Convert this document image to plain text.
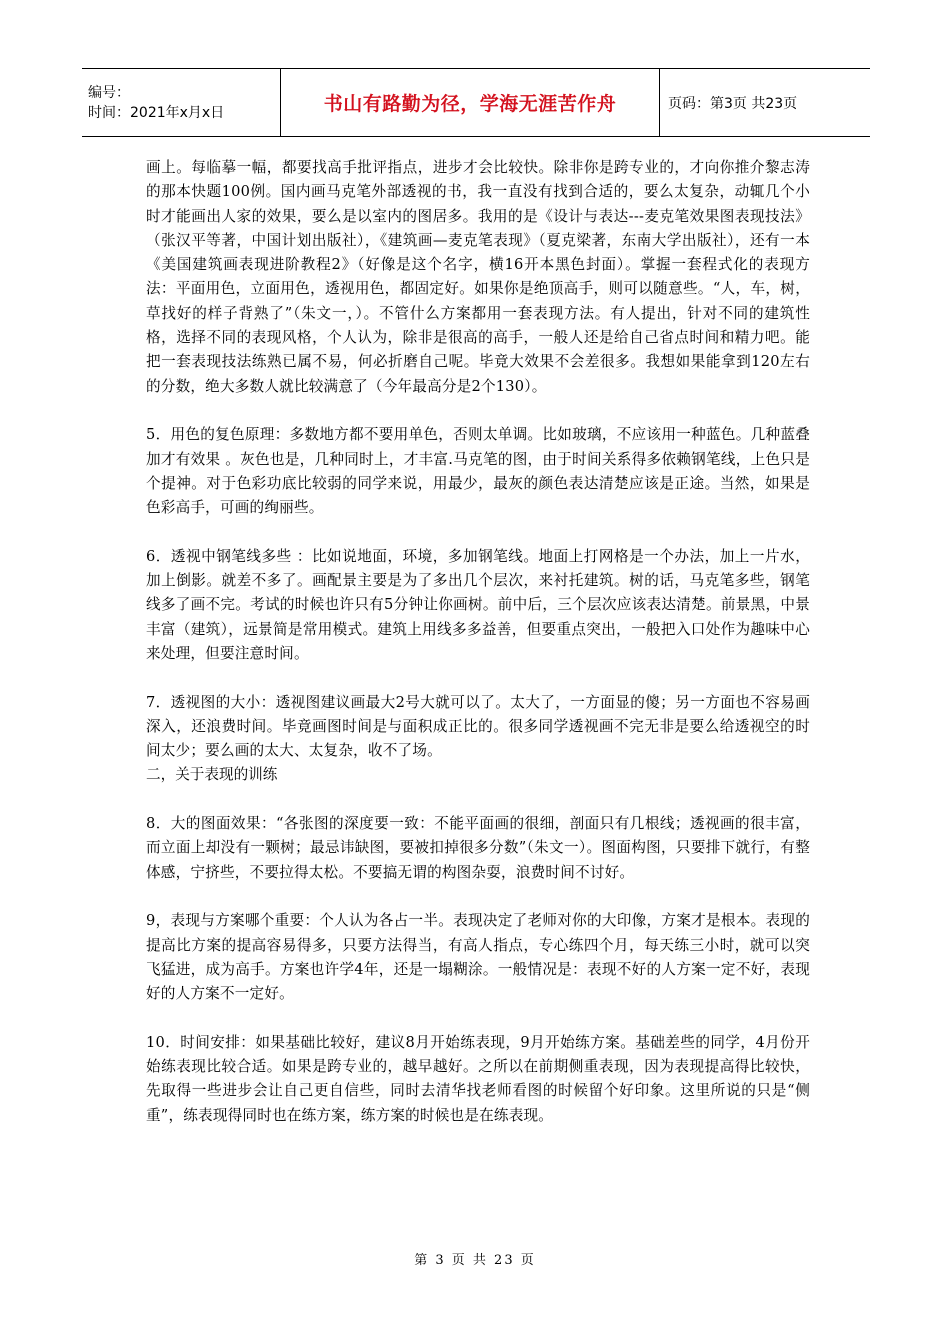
编号：
时间：2021年x月x日	书山有路勤为径，学海无涯苦作舟	页码：第3页 共23页

画上。每临摹一幅，都要找高手批评指点，进步才会比较快。除非你是跨专业的，才向你推介黎志涛的那本快题100例。国内画马克笔外部透视的书，我一直没有找到合适的，要么太复杂，动辄几个小时才能画出人家的效果，要么是以室内的图居多。我用的是《设计与表达---麦克笔效果图表现技法》（张汉平等著，中国计划出版社），《建筑画—麦克笔表现》（夏克梁著，东南大学出版社），还有一本《美国建筑画表现进阶教程2》（好像是这个名字，横16开本黑色封面）。掌握一套程式化的表现方法：平面用色，立面用色，透视用色，都固定好。如果你是绝顶高手，则可以随意些。“人，车，树，草找好的样子背熟了”（朱文一，）。不管什么方案都用一套表现方法。有人提出，针对不同的建筑性格，选择不同的表现风格，个人认为，除非是很高的高手，一般人还是给自己省点时间和精力吧。能把一套表现技法练熟已属不易，何必折磨自己呢。毕竟大效果不会差很多。我想如果能拿到120左右的分数，绝大多数人就比较满意了（今年最高分是2个130）。

5．用色的复色原理：多数地方都不要用单色，否则太单调。比如玻璃，不应该用一种蓝色。几种蓝叠加才有效果 。灰色也是，几种同时上，才丰富.马克笔的图，由于时间关系得多依赖钢笔线，上色只是个提神。对于色彩功底比较弱的同学来说，用最少，最灰的颜色表达清楚应该是正途。当然，如果是色彩高手，可画的绚丽些。

6．透视中钢笔线多些 ：比如说地面，环境，多加钢笔线。地面上打网格是一个办法，加上一片水，加上倒影。就差不多了。画配景主要是为了多出几个层次，来衬托建筑。树的话，马克笔多些，钢笔线多了画不完。考试的时候也许只有5分钟让你画树。前中后，三个层次应该表达清楚。前景黑，中景丰富（建筑），远景简是常用模式。建筑上用线多多益善，但要重点突出，一般把入口处作为趣味中心来处理，但要注意时间。

7．透视图的大小：透视图建议画最大2号大就可以了。太大了，一方面显的傻；另一方面也不容易画深入，还浪费时间。毕竟画图时间是与面积成正比的。很多同学透视画不完无非是要么给透视空的时间太少；要么画的太大、太复杂，收不了场。

二，关于表现的训练

8．大的图面效果：“各张图的深度要一致：不能平面画的很细，剖面只有几根线；透视画的很丰富，而立面上却没有一颗树；最忌讳缺图，要被扣掉很多分数”（朱文一）。图面构图，只要排下就行，有整体感，宁挤些，不要拉得太松。不要搞无谓的构图杂耍，浪费时间不讨好。

9，表现与方案哪个重要：个人认为各占一半。表现决定了老师对你的大印像，方案才是根本。表现的提高比方案的提高容易得多，只要方法得当，有高人指点，专心练四个月，每天练三小时，就可以突飞猛进，成为高手。方案也许学4年，还是一塌糊涂。一般情况是：表现不好的人方案一定不好，表现好的人方案不一定好。

10．时间安排：如果基础比较好，建议8月开始练表现，9月开始练方案。基础差些的同学，4月份开始练表现比较合适。如果是跨专业的，越早越好。之所以在前期侧重表现，因为表现提高得比较快，先取得一些进步会让自己更自信些，同时去清华找老师看图的时候留个好印象。这里所说的只是“侧重”，练表现得同时也在练方案，练方案的时候也是在练表现。

第 3 页 共 23 页
